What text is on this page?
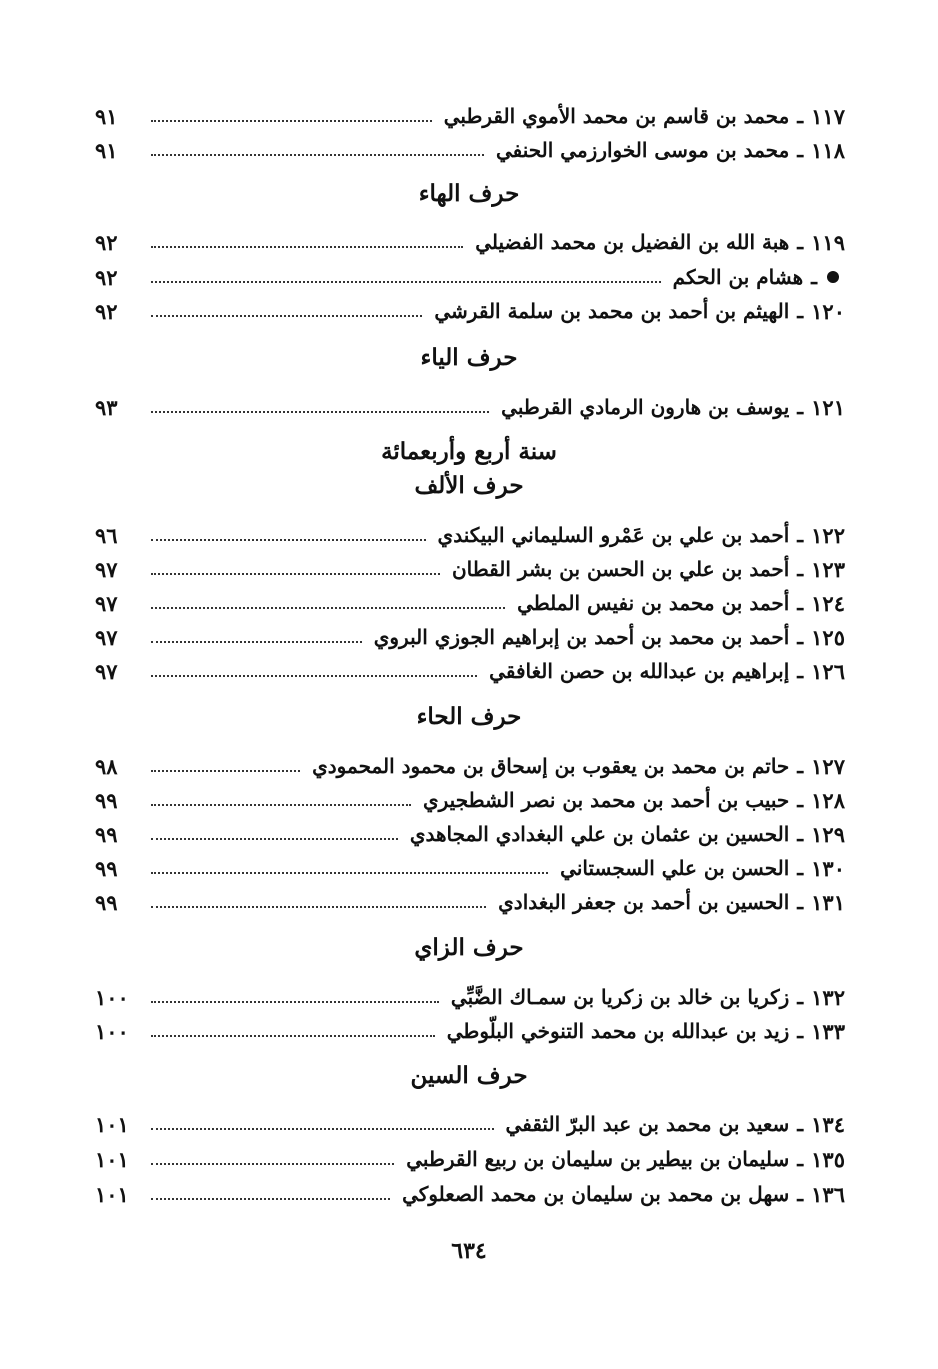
١١٧
ـ
محمد بن قاسم بن محمد الأموي القرطبي
٩١
١١٨
ـ
محمد بن موسى الخوارزمي الحنفي
٩١
حرف الهاء
١١٩
ـ
هبة الله بن الفضيل بن محمد الفضيلي
٩٢
ـ
هشام بن الحكم
٩٢
١٢٠
ـ
الهيثم بن أحمد بن محمد بن سلمة القرشي
٩٢
حرف الياء
١٢١
ـ
يوسف بن هارون الرمادي القرطبي
٩٣
سنة أربع وأربعمائة
حرف الألف
١٢٢
ـ
أحمد بن علي بن عَمْرو السليماني البيكندي
٩٦
١٢٣
ـ
أحمد بن علي بن الحسن بن بشر القطان
٩٧
١٢٤
ـ
أحمد بن محمد بن نفيس الملطي
٩٧
١٢٥
ـ
أحمد بن محمد بن أحمد بن إبراهيم الجوزي البروي
٩٧
١٢٦
ـ
إبراهيم بن عبدالله بن حصن الغافقي
٩٧
حرف الحاء
١٢٧
ـ
حاتم بن محمد بن يعقوب بن إسحاق بن محمود المحمودي
٩٨
١٢٨
ـ
حبيب بن أحمد بن محمد بن نصر الشطجيري
٩٩
١٢٩
ـ
الحسين بن عثمان بن علي البغدادي المجاهدي
٩٩
١٣٠
ـ
الحسن بن علي السجستاني
٩٩
١٣١
ـ
الحسين بن أحمد بن جعفر البغدادي
٩٩
حرف الزاي
١٣٢
ـ
زكريا بن خالد بن زكريا بن سمـاك الضَّبِّي
١٠٠
١٣٣
ـ
زيد بن عبدالله بن محمد التنوخي البلّوطي
١٠٠
حرف السين
١٣٤
ـ
سعيد بن محمد بن عبد البرّ الثقفي
١٠١
١٣٥
ـ
سليمان بن بيطير بن سليمان بن ربيع القرطبي
١٠١
١٣٦
ـ
سهل بن محمد بن سليمان بن محمد الصعلوكي
١٠١
٦٣٤
